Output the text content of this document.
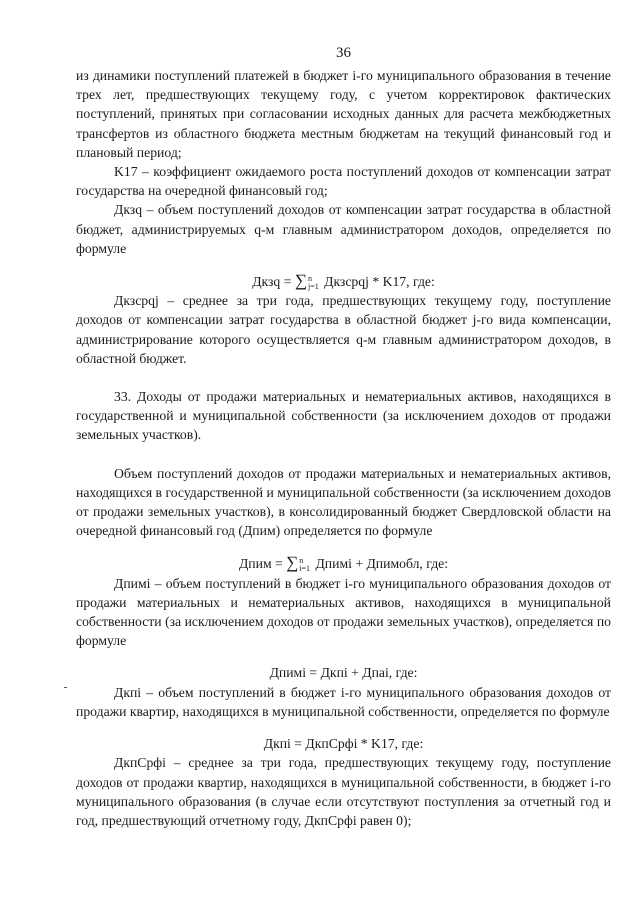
36

из динамики поступлений платежей в бюджет i-го муниципального образования в течение трех лет, предшествующих текущему году, с учетом корректировок фактических поступлений, принятых при согласовании исходных данных для расчета межбюджетных трансфертов из областного бюджета местным бюджетам на текущий финансовый год и плановый период;

K17 – коэффициент ожидаемого роста поступлений доходов от компенсации затрат государства на очередной финансовый год;

Дкзq – объем поступлений доходов от компенсации затрат государства в областной бюджет, администрируемых q-м главным администратором доходов, определяется по формуле

Дкзq = ∑n
j=1 Дкзсрqj * K17, где:

Дкзсрqj – среднее за три года, предшествующих текущему году, поступление доходов от компенсации затрат государства в областной бюджет j-го вида компенсации, администрирование которого осуществляется q-м главным администратором доходов, в областной бюджет.

33. Доходы от продажи материальных и нематериальных активов, находящихся в государственной и муниципальной собственности (за исключением доходов от продажи земельных участков).

Объем поступлений доходов от продажи материальных и нематериальных активов, находящихся в государственной и муниципальной собственности (за исключением доходов от продажи земельных участков), в консолидированный бюджет Свердловской области на очередной финансовый год (Дпим) определяется по формуле

Дпим = ∑n
i=1 Дпимi + Дпимобл, где:

Дпимi – объем поступлений в бюджет i-го муниципального образования доходов от продажи материальных и нематериальных активов, находящихся в муниципальной собственности (за исключением доходов от продажи земельных участков), определяется по формуле

Дпимi = Дкпi + Дпаi, где:

Дкпi – объем поступлений в бюджет i-го муниципального образования доходов от продажи квартир, находящихся в муниципальной собственности, определяется по формуле

Дкпi = ДкпСрфi * K17, где:

ДкпСрфi – среднее за три года, предшествующих текущему году, поступление доходов от продажи квартир, находящихся в муниципальной собственности, в бюджет i-го муниципального образования (в случае если отсутствуют поступления за отчетный год и год, предшествующий отчетному году, ДкпСрфi равен 0);
